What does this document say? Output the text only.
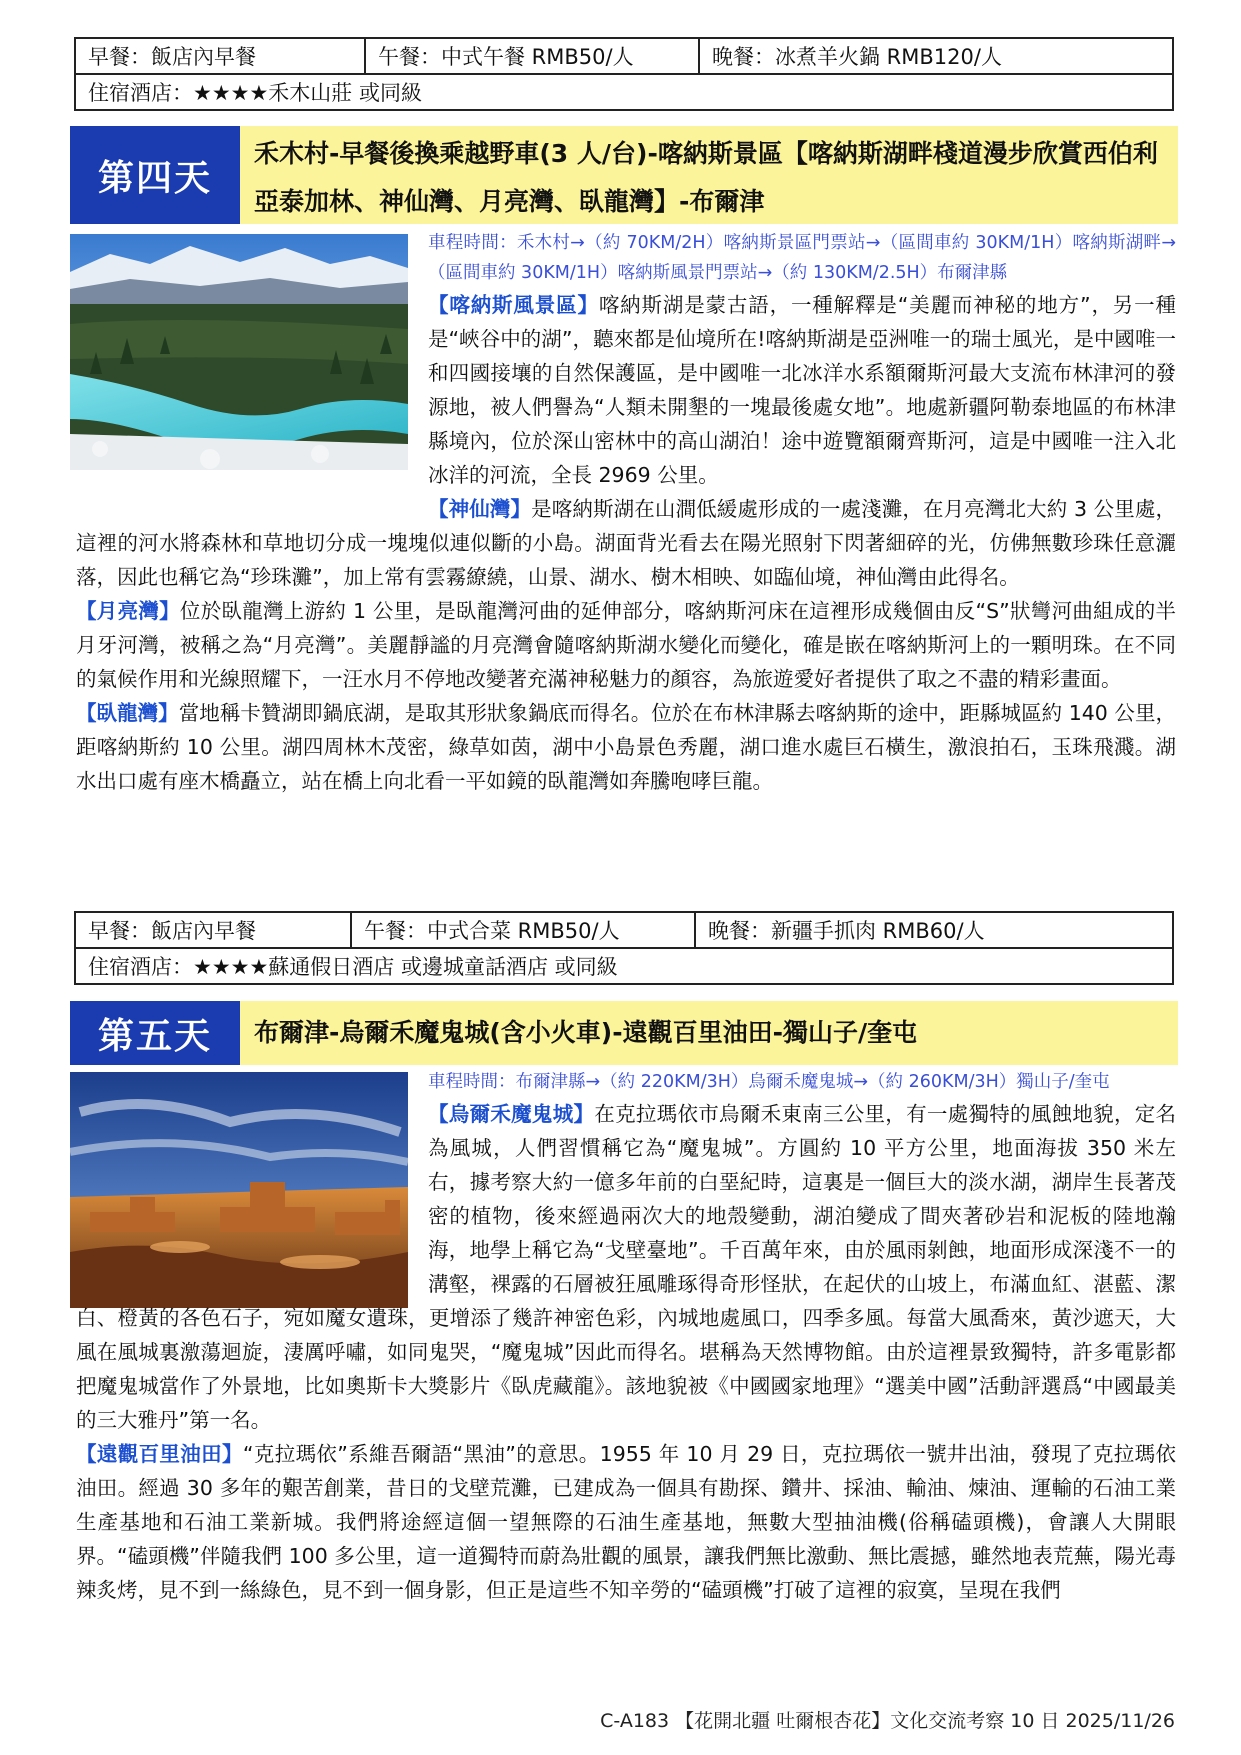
早餐：飯店內早餐	午餐：中式午餐 RMB50/人	晚餐：冰煮羊火鍋 RMB120/人
住宿酒店：★★★★禾木山莊 或同級
第四天
禾木村-早餐後換乘越野車(3 人/台)-喀納斯景區【喀納斯湖畔棧道漫步欣賞西伯利亞泰加林、神仙灣、月亮灣、臥龍灣】-布爾津

車程時間：禾木村→（約 70KM/2H）喀納斯景區門票站→（區間車約 30KM/1H）喀納斯湖畔→（區間車約 30KM/1H）喀納斯風景門票站→（約 130KM/2.5H）布爾津縣

【喀納斯風景區】喀納斯湖是蒙古語，一種解釋是“美麗而神秘的地方”，另一種是“峽谷中的湖”，聽來都是仙境所在!喀納斯湖是亞洲唯一的瑞士風光，是中國唯一和四國接壤的自然保護區，是中國唯一北冰洋水系額爾斯河最大支流布林津河的發源地，被人們譽為“人類未開墾的一塊最後處女地”。地處新疆阿勒泰地區的布林津縣境內，位於深山密林中的高山湖泊！途中遊覽額爾齊斯河，這是中國唯一注入北冰洋的河流，全長 2969 公里。

【神仙灣】是喀納斯湖在山澗低緩處形成的一處淺灘，在月亮灣北大約 3 公里處，這裡的河水將森林和草地切分成一塊塊似連似斷的小島。湖面背光看去在陽光照射下閃著細碎的光，仿佛無數珍珠任意灑落，因此也稱它為“珍珠灘”，加上常有雲霧繚繞，山景、湖水、樹木相映、如臨仙境，神仙灣由此得名。

【月亮灣】位於臥龍灣上游約 1 公里，是臥龍灣河曲的延伸部分，喀納斯河床在這裡形成幾個由反“S”狀彎河曲組成的半月牙河灣，被稱之為“月亮灣”。美麗靜謐的月亮灣會隨喀納斯湖水變化而變化，確是嵌在喀納斯河上的一顆明珠。在不同的氣候作用和光線照耀下，一汪水月不停地改變著充滿神秘魅力的顏容，為旅遊愛好者提供了取之不盡的精彩畫面。

【臥龍灣】當地稱卡贊湖即鍋底湖，是取其形狀象鍋底而得名。位於在布林津縣去喀納斯的途中，距縣城區約 140 公里，距喀納斯約 10 公里。湖四周林木茂密，綠草如茵，湖中小島景色秀麗，湖口進水處巨石橫生，激浪拍石，玉珠飛濺。湖水出口處有座木橋矗立，站在橋上向北看一平如鏡的臥龍灣如奔騰咆哮巨龍。

早餐：飯店內早餐	午餐：中式合菜 RMB50/人	晚餐：新疆手抓肉 RMB60/人
住宿酒店：★★★★蘇通假日酒店 或邊城童話酒店 或同級
第五天	布爾津-烏爾禾魔鬼城(含小火車)-遠觀百里油田-獨山子/奎屯

車程時間：布爾津縣→（約 220KM/3H）烏爾禾魔鬼城→（約 260KM/3H）獨山子/奎屯

【烏爾禾魔鬼城】在克拉瑪依市烏爾禾東南三公里，有一處獨特的風蝕地貌，定名為風城，人們習慣稱它為“魔鬼城”。方圓約 10 平方公里，地面海拔 350 米左右，據考察大約一億多年前的白堊紀時，這裏是一個巨大的淡水湖，湖岸生長著茂密的植物，後來經過兩次大的地殼變動，湖泊變成了間夾著砂岩和泥板的陸地瀚海，地學上稱它為“戈壁臺地”。千百萬年來，由於風雨剝蝕，地面形成深淺不一的溝壑，裸露的石層被狂風雕琢得奇形怪狀，在起伏的山坡上，布滿血紅、湛藍、潔白、橙黃的各色石子，宛如魔女遺珠，更增添了幾許神密色彩，內城地處風口，四季多風。每當大風喬來，黃沙遮天，大風在風城裏激蕩迴旋，淒厲呼嘯，如同鬼哭，“魔鬼城”因此而得名。堪稱為天然博物館。由於這裡景致獨特，許多電影都把魔鬼城當作了外景地，比如奧斯卡大獎影片《臥虎藏龍》。該地貌被《中國國家地理》“選美中國”活動評選爲“中國最美的三大雅丹”第一名。

【遠觀百里油田】“克拉瑪依”系維吾爾語“黑油”的意思。1955 年 10 月 29 日，克拉瑪依一號井出油，發現了克拉瑪依油田。經過 30 多年的艱苦創業，昔日的戈壁荒灘，已建成為一個具有勘探、鑽井、採油、輸油、煉油、運輸的石油工業生產基地和石油工業新城。我們將途經這個一望無際的石油生產基地，無數大型抽油機(俗稱磕頭機)，會讓人大開眼界。“磕頭機”伴隨我們 100 多公里，這一道獨特而蔚為壯觀的風景，讓我們無比激動、無比震撼，雖然地表荒蕪，陽光毒辣炙烤，見不到一絲綠色，見不到一個身影，但正是這些不知辛勞的“磕頭機”打破了這裡的寂寞，呈現在我們

C-A183 【花開北疆 吐爾根杏花】文化交流考察 10 日 2025/11/26
